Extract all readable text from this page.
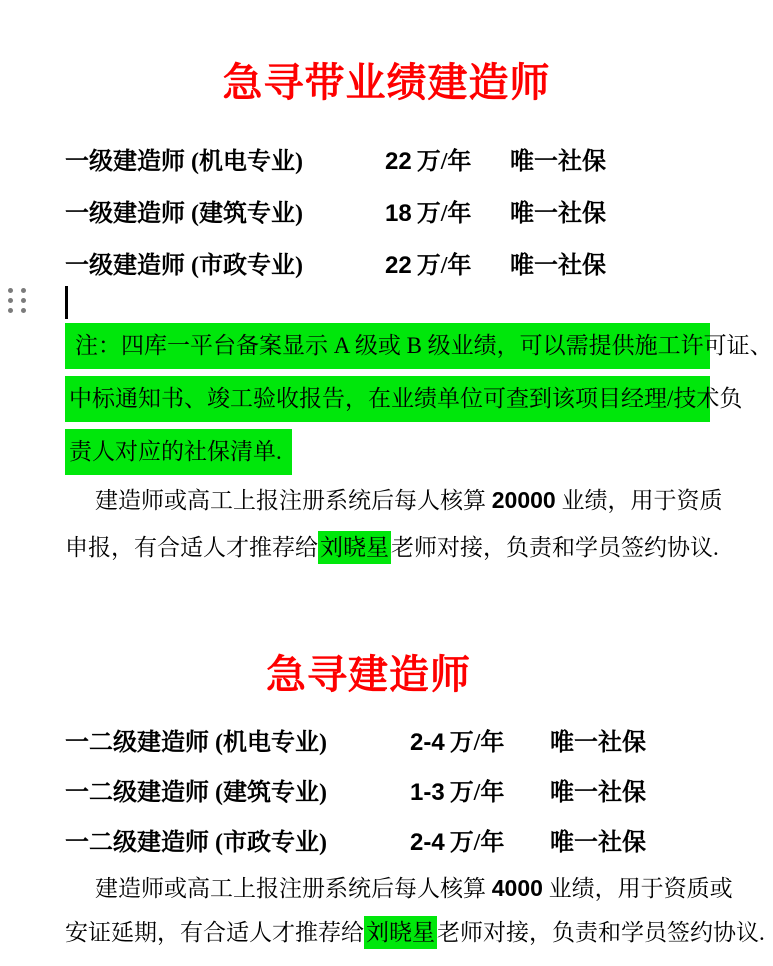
急寻带业绩建造师
一级建造师 (机电专业)	22 万/年	唯一社保
一级建造师 (建筑专业)	18 万/年	唯一社保
一级建造师 (市政专业)	22 万/年	唯一社保
注：四库一平台备案显示 A 级或 B 级业绩，可以需提供施工许可证、
中标通知书、竣工验收报告，在业绩单位可查到该项目经理/技术负
责人对应的社保清单.
建造师或高工上报注册系统后每人核算 20000 业绩，用于资质
申报，有合适人才推荐给刘晓星老师对接，负责和学员签约协议.
急寻建造师
一二级建造师 (机电专业)	2-4 万/年	唯一社保
一二级建造师 (建筑专业)	1-3 万/年	唯一社保
一二级建造师 (市政专业)	2-4 万/年	唯一社保
建造师或高工上报注册系统后每人核算 4000 业绩，用于资质或
安证延期，有合适人才推荐给刘晓星老师对接，负责和学员签约协议.
